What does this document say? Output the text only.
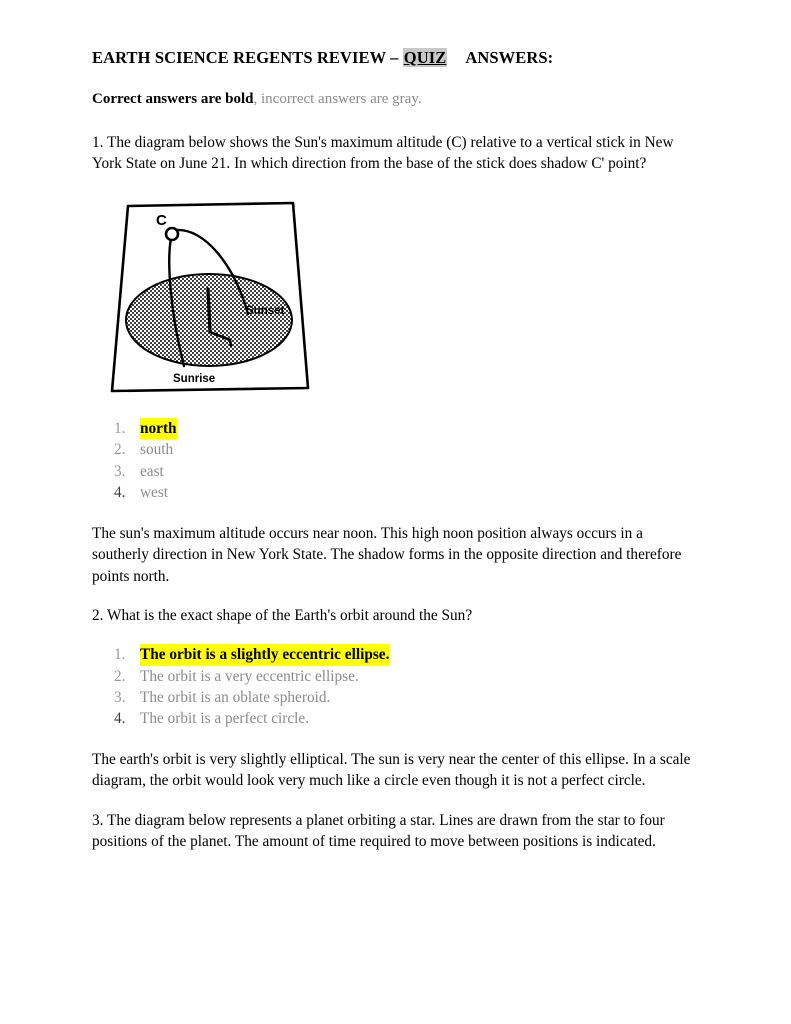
EARTH SCIENCE REGENTS REVIEW – QUIZ ANSWERS:
Correct answers are bold, incorrect answers are gray.
1. The diagram below shows the Sun's maximum altitude (C) relative to a vertical stick in New York State on June 21. In which direction from the base of the stick does shadow C' point?
C
Sunset
Sunrise
1. north
2. south
3. east
4. west
The sun's maximum altitude occurs near noon. This high noon position always occurs in a southerly direction in New York State. The shadow forms in the opposite direction and therefore points north.
2. What is the exact shape of the Earth's orbit around the Sun?
1. The orbit is a slightly eccentric ellipse.
2. The orbit is a very eccentric ellipse.
3. The orbit is an oblate spheroid.
4. The orbit is a perfect circle.
The earth's orbit is very slightly elliptical. The sun is very near the center of this ellipse. In a scale diagram, the orbit would look very much like a circle even though it is not a perfect circle.
3. The diagram below represents a planet orbiting a star. Lines are drawn from the star to four positions of the planet. The amount of time required to move between positions is indicated.
